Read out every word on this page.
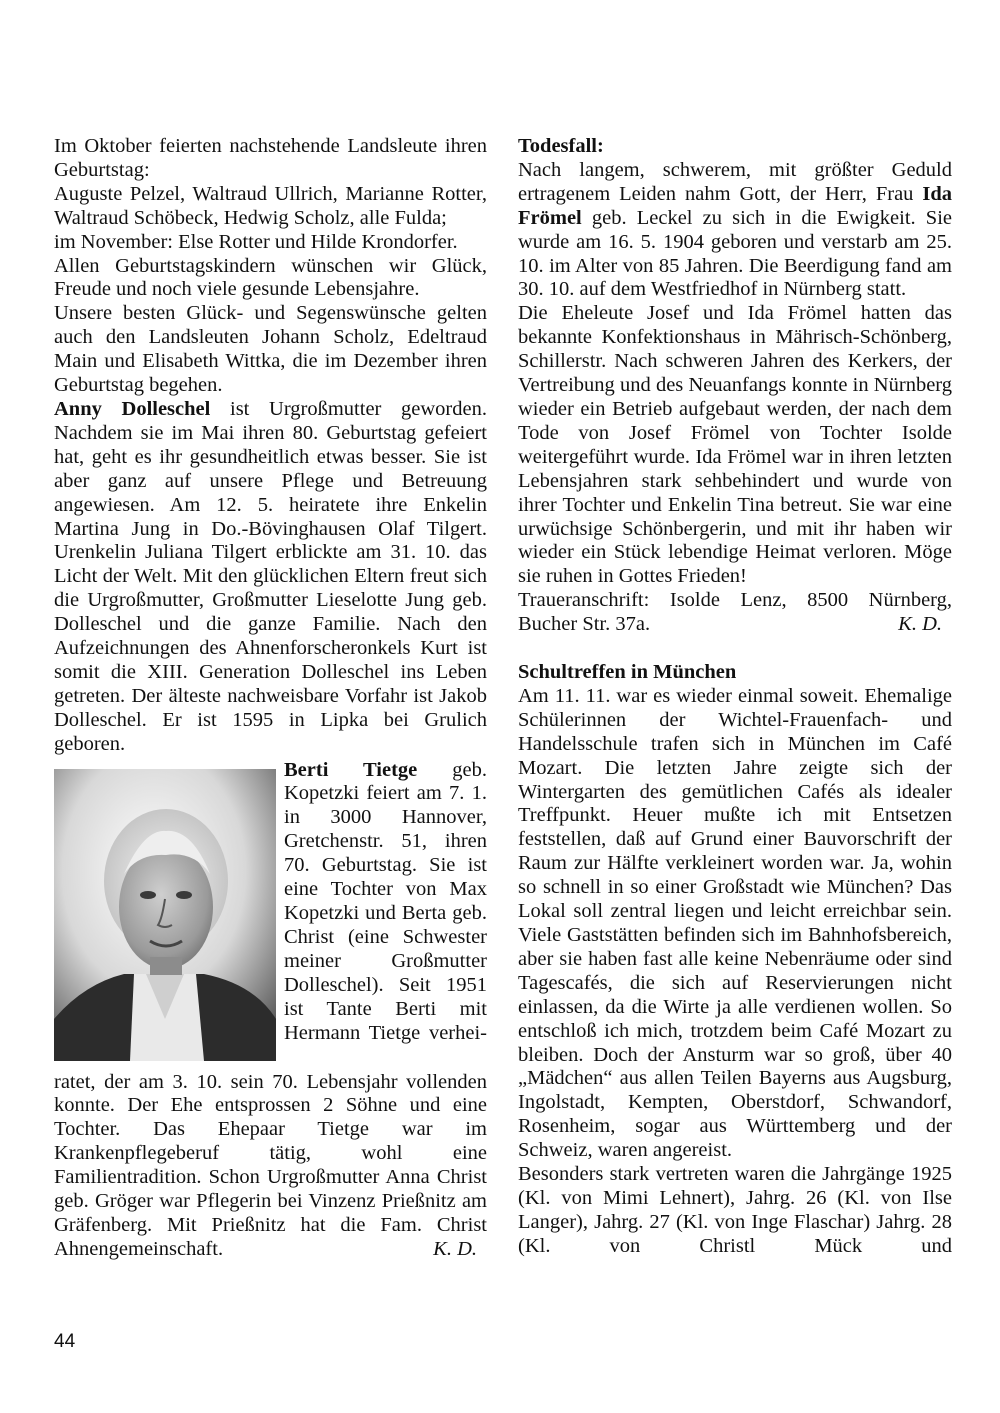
Im Oktober feierten nachstehende Landsleute ihren Geburtstag:

Auguste Pelzel, Waltraud Ullrich, Marianne Rotter, Waltraud Schöbeck, Hedwig Scholz, alle Fulda;

im November: Else Rotter und Hilde Krondorfer.

Allen Geburtstagskindern wünschen wir Glück, Freude und noch viele gesunde Lebensjahre.

Unsere besten Glück- und Segenswünsche gelten auch den Landsleuten Johann Scholz, Edeltraud Main und Elisabeth Wittka, die im Dezember ihren Geburtstag begehen.

Anny Dolleschel ist Urgroßmutter geworden. Nachdem sie im Mai ihren 80. Geburtstag gefeiert hat, geht es ihr gesundheitlich etwas besser. Sie ist aber ganz auf unsere Pflege und Betreuung angewiesen. Am 12. 5. heiratete ihre Enkelin Martina Jung in Do.-Bövinghausen Olaf Tilgert. Urenkelin Juliana Tilgert erblickte am 31. 10. das Licht der Welt. Mit den glücklichen Eltern freut sich die Urgroßmutter, Großmutter Lieselotte Jung geb. Dolleschel und die ganze Familie. Nach den Aufzeichnungen des Ahnenforscheronkels Kurt ist somit die XIII. Generation Dolleschel ins Leben getreten. Der älteste nachweisbare Vorfahr ist Jakob Dolleschel. Er ist 1595 in Lipka bei Grulich geboren.

Berti Tietge geb. Kopetzki feiert am 7. 1. in 3000 Hannover, Gretchenstr. 51, ihren 70. Geburtstag. Sie ist eine Tochter von Max Kopetzki und Berta geb. Christ (eine Schwester meiner Großmutter Dolleschel). Seit 1951 ist Tante Berti mit Hermann Tietge verhei-

ratet, der am 3. 10. sein 70. Lebensjahr vollenden konnte. Der Ehe entsprossen 2 Söhne und eine Tochter. Das Ehepaar Tietge war im Krankenpflegeberuf tätig, wohl eine Familientradition. Schon Urgroßmutter Anna Christ geb. Gröger war Pflegerin bei Vinzenz Prießnitz am Gräfenberg. Mit Prießnitz hat die Fam. Christ

Ahnengemeinschaft.	K. D.

Todesfall:

Nach langem, schwerem, mit größter Geduld ertragenem Leiden nahm Gott, der Herr, Frau Ida Frömel geb. Leckel zu sich in die Ewigkeit. Sie wurde am 16. 5. 1904 geboren und verstarb am 25. 10. im Alter von 85 Jahren. Die Beerdigung fand am 30. 10. auf dem Westfriedhof in Nürnberg statt.

Die Eheleute Josef und Ida Frömel hatten das bekannte Konfektionshaus in Mährisch-Schönberg, Schillerstr. Nach schweren Jahren des Kerkers, der Vertreibung und des Neuanfangs konnte in Nürnberg wieder ein Betrieb aufgebaut werden, der nach dem Tode von Josef Frömel von Tochter Isolde weitergeführt wurde. Ida Frömel war in ihren letzten Lebensjahren stark sehbehindert und wurde von ihrer Tochter und Enkelin Tina betreut. Sie war eine urwüchsige Schönbergerin, und mit ihr haben wir wieder ein Stück lebendige Heimat verloren. Möge sie ruhen in Gottes Frieden!

Traueranschrift: Isolde Lenz, 8500 Nürnberg,

Bucher Str. 37a.	K. D.

Schultreffen in München

Am 11. 11. war es wieder einmal soweit. Ehemalige Schülerinnen der Wichtel-Frauenfach- und Handelsschule trafen sich in München im Café Mozart. Die letzten Jahre zeigte sich der Wintergarten des gemütlichen Cafés als idealer Treffpunkt. Heuer mußte ich mit Entsetzen feststellen, daß auf Grund einer Bauvorschrift der Raum zur Hälfte verkleinert worden war. Ja, wohin so schnell in so einer Großstadt wie München? Das Lokal soll zentral liegen und leicht erreichbar sein. Viele Gaststätten befinden sich im Bahnhofsbereich, aber sie haben fast alle keine Nebenräume oder sind Tagescafés, die sich auf Reservierungen nicht einlassen, da die Wirte ja alle verdienen wollen. So entschloß ich mich, trotzdem beim Café Mozart zu bleiben. Doch der Ansturm war so groß, über 40 „Mädchen“ aus allen Teilen Bayerns aus Augsburg, Ingolstadt, Kempten, Oberstdorf, Schwandorf, Rosenheim, sogar aus Württemberg und der Schweiz, waren angereist.

Besonders stark vertreten waren die Jahrgänge 1925 (Kl. von Mimi Lehnert), Jahrg. 26 (Kl. von Ilse Langer), Jahrg. 27 (Kl. von Inge Flaschar) Jahrg. 28 (Kl. von Christl Mück und

44
